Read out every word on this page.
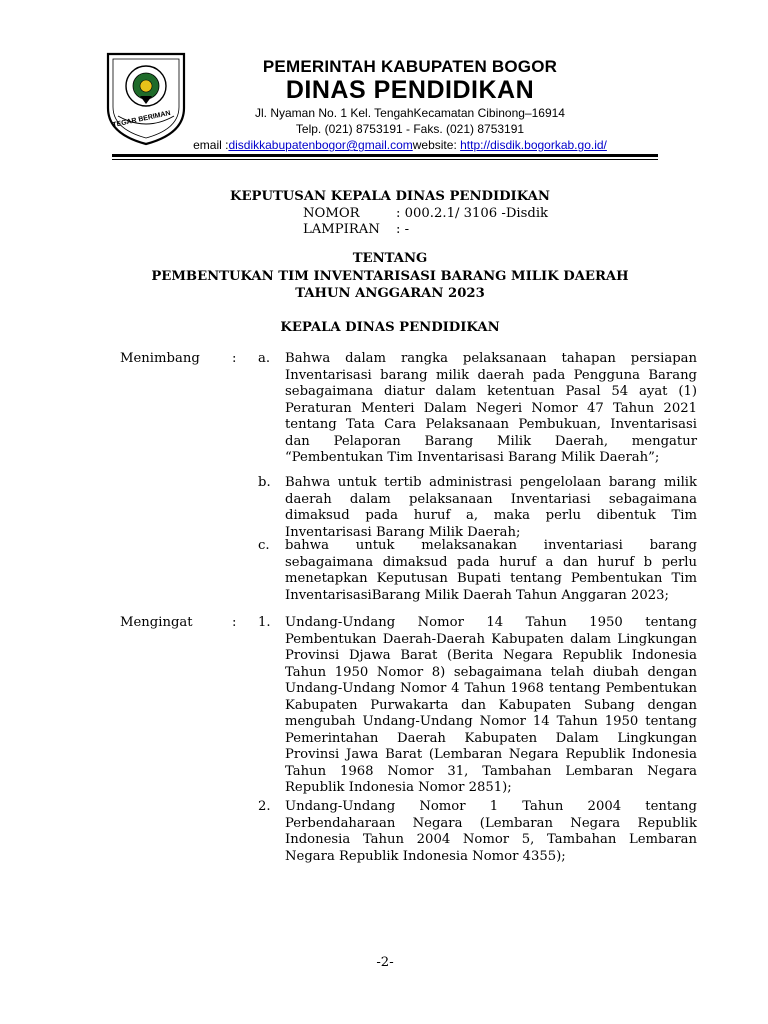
TEGAR BERIMAN
PEMERINTAH KABUPATEN BOGOR
DINAS PENDIDIKAN
Jl. Nyaman No. 1 Kel. TengahKecamatan Cibinong–16914
Telp. (021) 8753191 - Faks. (021) 8753191
email :disdikkabupatenbogor@gmail.comwebsite: http://disdik.bogorkab.go.id/
KEPUTUSAN KEPALA DINAS PENDIDIKAN
NOMOR	: 000.2.1/ 3106 -Disdik
LAMPIRAN : -
TENTANG
PEMBENTUKAN TIM INVENTARISASI BARANG MILIK DAERAH
TAHUN ANGGARAN 2023
KEPALA DINAS PENDIDIKAN
Menimbang : a. Bahwa dalam rangka pelaksanaan tahapan persiapan Inventarisasi barang milik daerah pada Pengguna Barang sebagaimana diatur dalam ketentuan Pasal 54 ayat (1) Peraturan Menteri Dalam Negeri Nomor 47 Tahun 2021 tentang Tata Cara Pelaksanaan Pembukuan, Inventarisasi dan Pelaporan Barang Milik Daerah, mengatur “Pembentukan Tim Inventarisasi Barang Milik Daerah”;
b. Bahwa untuk tertib administrasi pengelolaan barang milik daerah dalam pelaksanaan Inventariasi sebagaimana dimaksud pada huruf a, maka perlu dibentuk Tim Inventarisasi Barang Milik Daerah;
c. bahwa untuk melaksanakan inventariasi barang sebagaimana dimaksud pada huruf a dan huruf b perlu menetapkan Keputusan Bupati tentang Pembentukan Tim InventarisasiBarang Milik Daerah Tahun Anggaran 2023;
Mengingat	: 1. Undang-Undang Nomor 14 Tahun 1950 tentang Pembentukan Daerah-Daerah Kabupaten dalam Lingkungan Provinsi Djawa Barat (Berita Negara Republik Indonesia Tahun 1950 Nomor 8) sebagaimana telah diubah dengan Undang-Undang Nomor 4 Tahun 1968 tentang Pembentukan Kabupaten Purwakarta dan Kabupaten Subang dengan mengubah Undang-Undang Nomor 14 Tahun 1950 tentang Pemerintahan Daerah Kabupaten Dalam Lingkungan Provinsi Jawa Barat (Lembaran Negara Republik Indonesia Tahun 1968 Nomor 31, Tambahan Lembaran Negara Republik Indonesia Nomor 2851);
2. Undang-Undang Nomor 1 Tahun 2004 tentang Perbendaharaan Negara (Lembaran Negara Republik Indonesia Tahun 2004 Nomor 5, Tambahan Lembaran Negara Republik Indonesia Nomor 4355);
-2-
